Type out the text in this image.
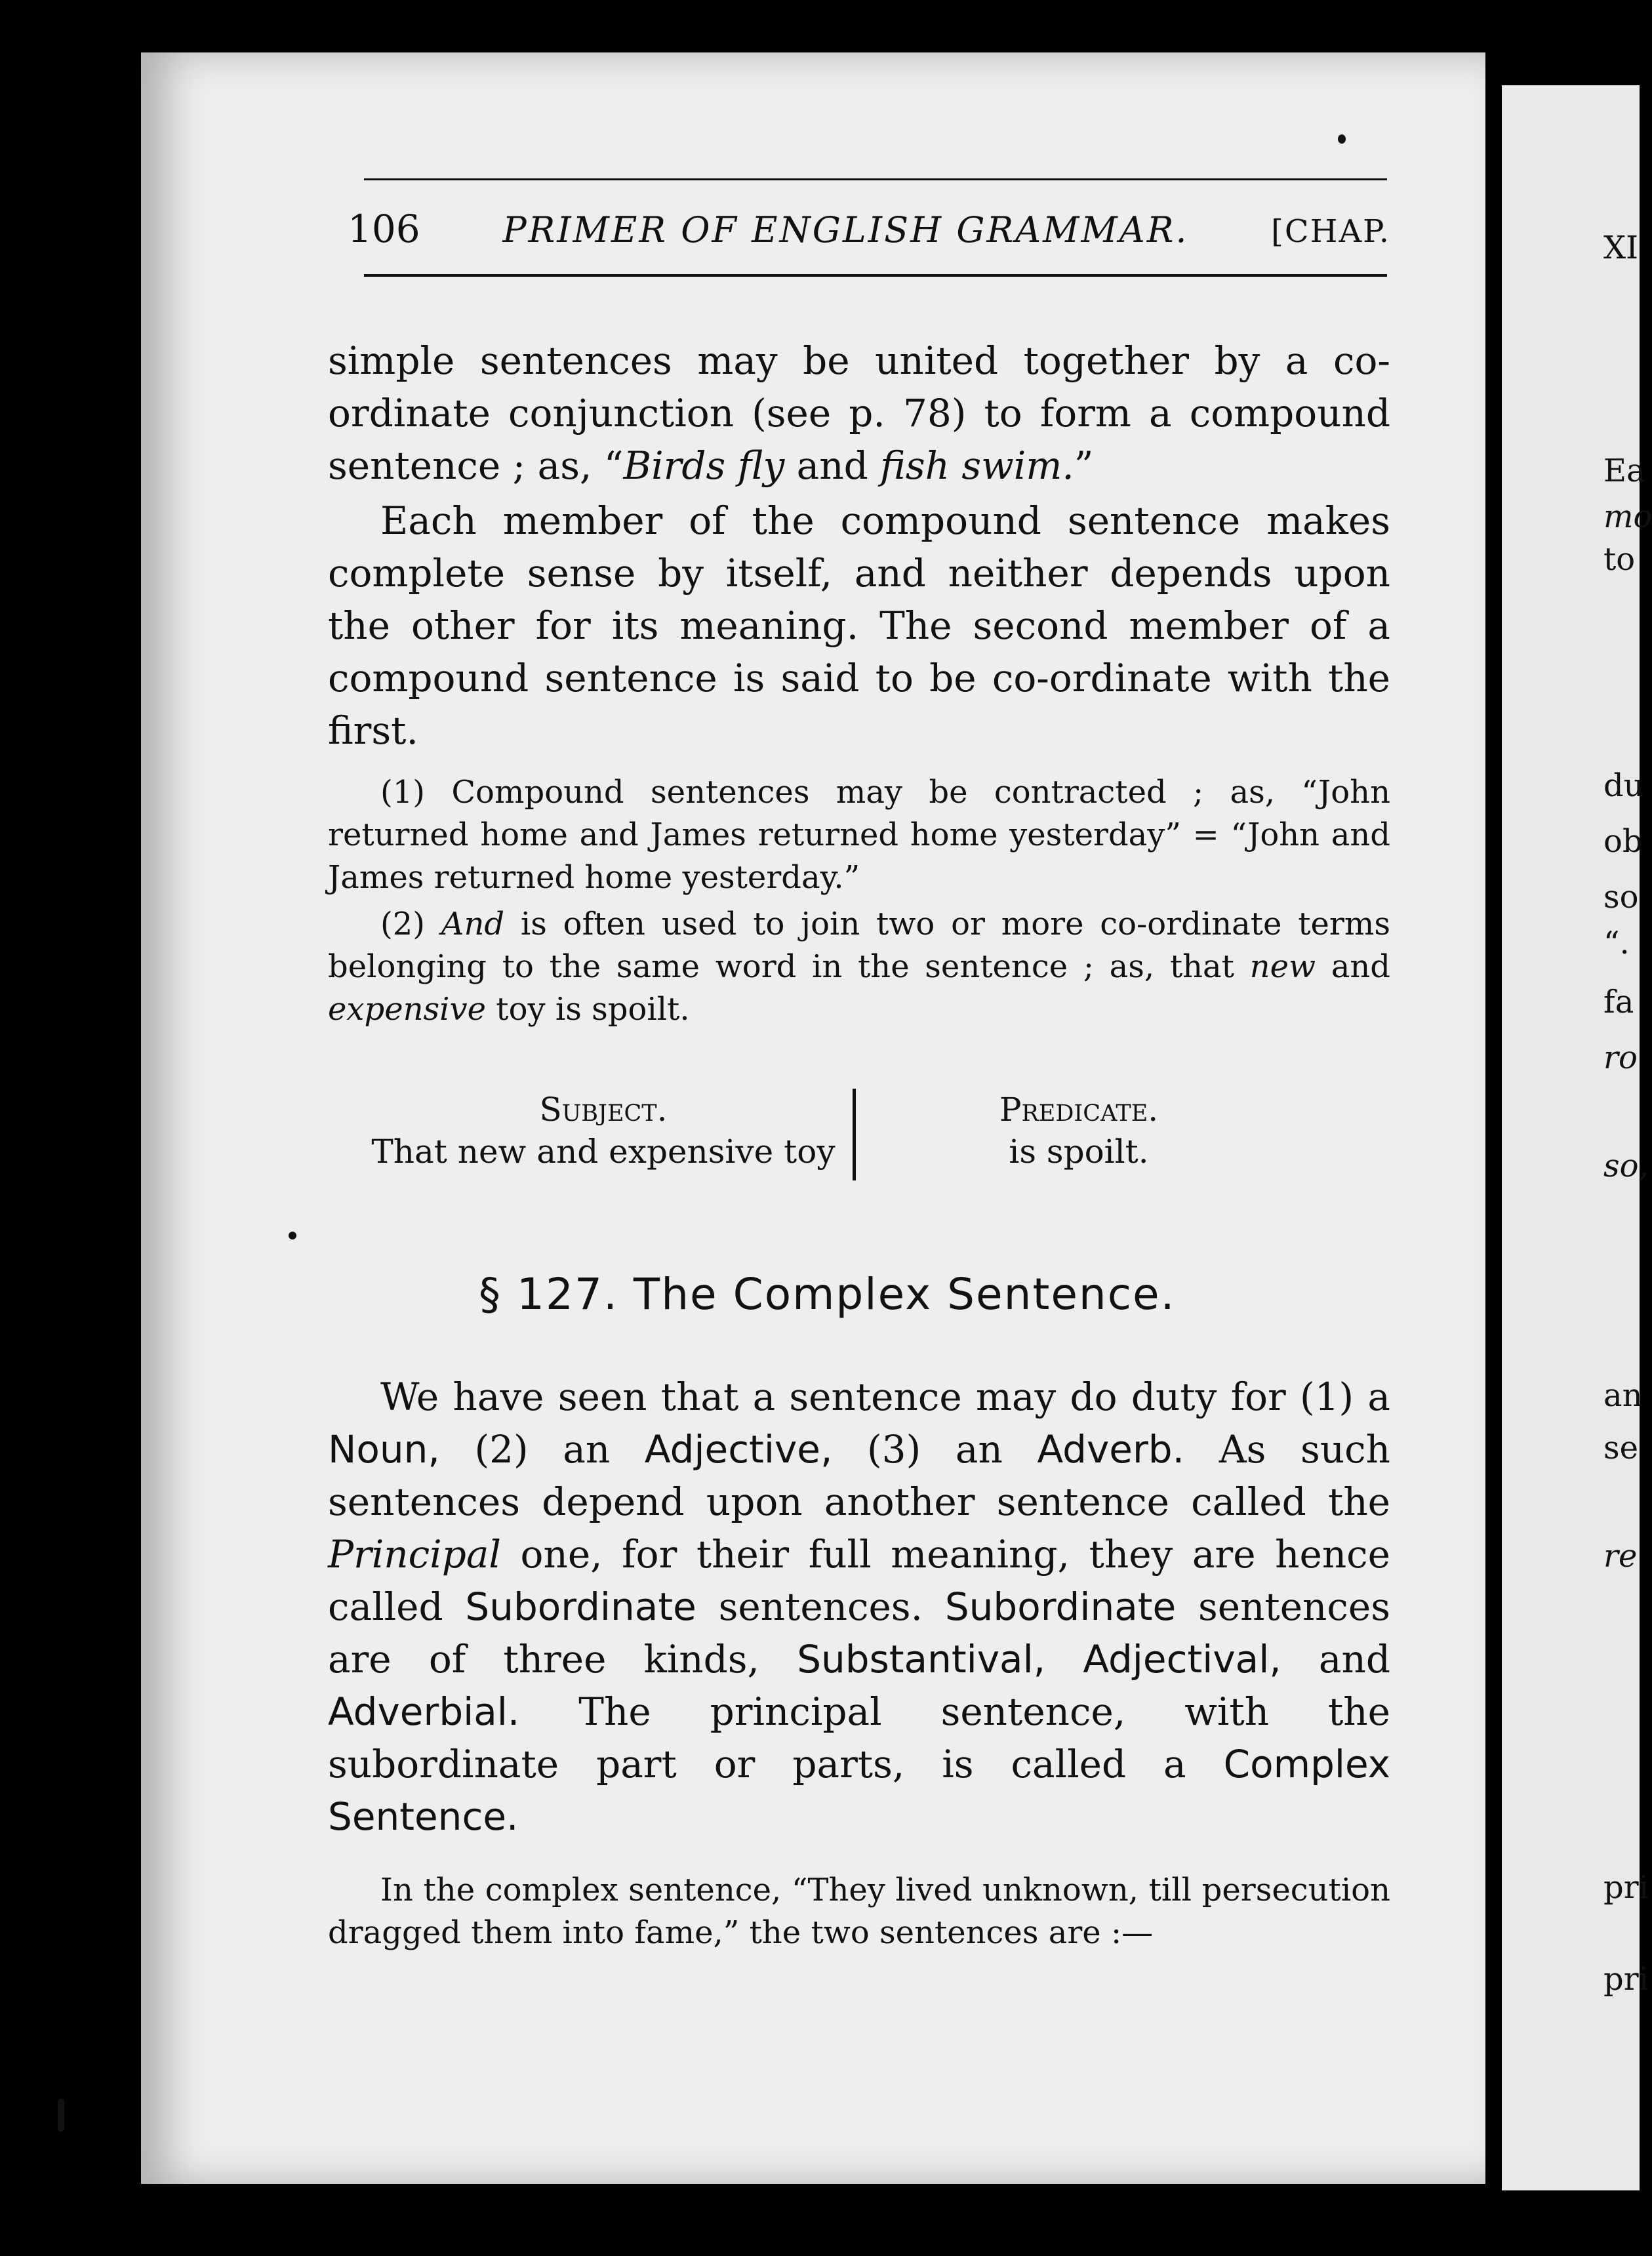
106 PRIMER OF ENGLISH GRAMMAR.	[CHAP.

simple sentences may be united together by a co-ordinate conjunction (see p. 78) to form a compound sentence ; as, “Birds fly and fish swim.”

Each member of the compound sentence makes complete sense by itself, and neither depends upon the other for its meaning. The second member of a compound sentence is said to be co-ordinate with the first.

(1) Compound sentences may be contracted ; as, “John returned home and James returned home yesterday” = “John and James returned home yesterday.”

(2) And is often used to join two or more co-ordinate terms belonging to the same word in the sentence ; as, that new and expensive toy is spoilt.

Subject.
That new and expensive toy
Predicate.
is spoilt.
§ 127. The Complex Sentence.

We have seen that a sentence may do duty for (1) a Noun, (2) an Adjective, (3) an Adverb. As such sentences depend upon another sentence called the Principal one, for their full meaning, they are hence called Subordinate sentences. Subordinate sentences are of three kinds, Substantival, Adjectival, and Adverbial. The principal sentence, with the subordinate part or parts, is called a Complex Sentence.

In the complex sentence, “They lived unknown, till persecution dragged them into fame,” the two sentences are :—

XI
Ea
mo
to
du
ob
so
“.
fa
ro
so,
an
se
re
pri
pri
